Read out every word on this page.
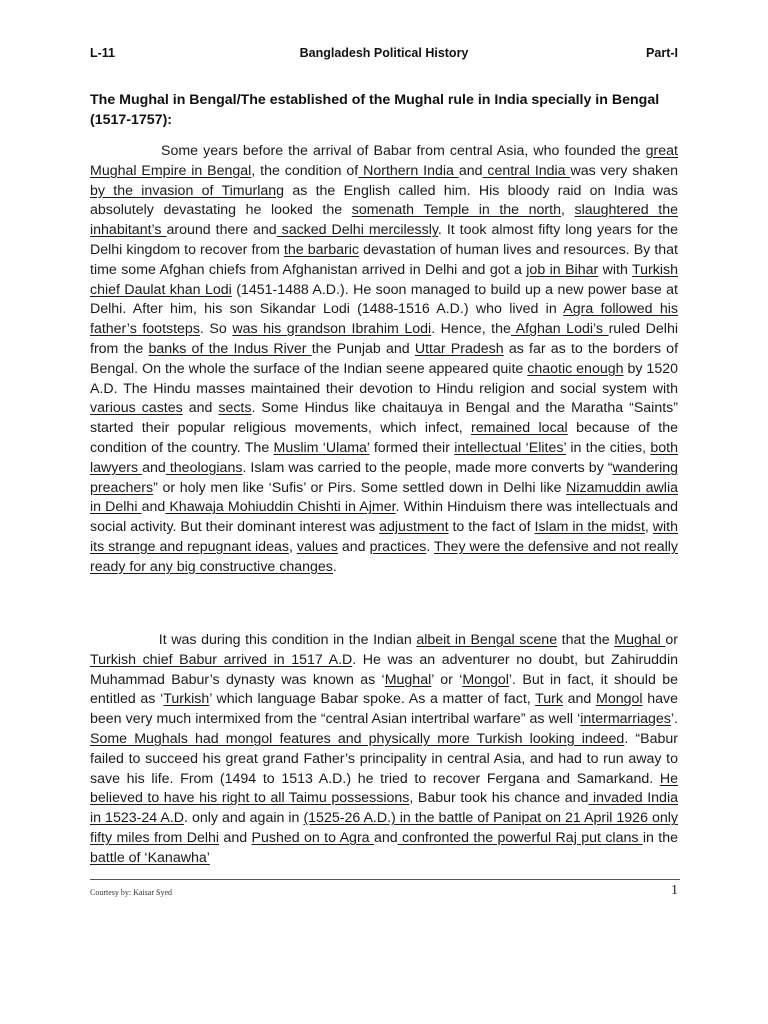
L-11	Bangladesh Political History	Part-I
The Mughal in Bengal/The established of the Mughal rule in India specially in Bengal (1517-1757):
Some years before the arrival of Babar from central Asia, who founded the great Mughal Empire in Bengal, the condition of Northern India and central India was very shaken by the invasion of Timurlang as the English called him. His bloody raid on India was absolutely devastating he looked the somenath Temple in the north, slaughtered the inhabitant’s around there and sacked Delhi mercilessly. It took almost fifty long years for the Delhi kingdom to recover from the barbaric devastation of human lives and resources. By that time some Afghan chiefs from Afghanistan arrived in Delhi and got a job in Bihar with Turkish chief Daulat khan Lodi (1451-1488 A.D.). He soon managed to build up a new power base at Delhi. After him, his son Sikandar Lodi (1488-1516 A.D.) who lived in Agra followed his father’s footsteps. So was his grandson Ibrahim Lodi. Hence, the Afghan Lodi’s ruled Delhi from the banks of the Indus River the Punjab and Uttar Pradesh as far as to the borders of Bengal. On the whole the surface of the Indian seene appeared quite chaotic enough by 1520 A.D. The Hindu masses maintained their devotion to Hindu religion and social system with various castes and sects. Some Hindus like chaitauya in Bengal and the Maratha “Saints” started their popular religious movements, which infect, remained local because of the condition of the country. The Muslim ‘Ulama’ formed their intellectual ‘Elites’ in the cities, both lawyers and theologians. Islam was carried to the people, made more converts by “wandering preachers” or holy men like ‘Sufis’ or Pirs. Some settled down in Delhi like Nizamuddin awlia in Delhi and Khawaja Mohiuddin Chishti in Ajmer. Within Hinduism there was intellectuals and social activity. But their dominant interest was adjustment to the fact of Islam in the midst, with its strange and repugnant ideas, values and practices. They were the defensive and not really ready for any big constructive changes.
It was during this condition in the Indian albeit in Bengal scene that the Mughal or Turkish chief Babur arrived in 1517 A.D. He was an adventurer no doubt, but Zahiruddin Muhammad Babur’s dynasty was known as ‘Mughal’ or ‘Mongol’. But in fact, it should be entitled as ‘Turkish’ which language Babar spoke. As a matter of fact, Turk and Mongol have been very much intermixed from the “central Asian intertribal warfare” as well ‘intermarriages’. Some Mughals had mongol features and physically more Turkish looking indeed. “Babur failed to succeed his great grand Father’s principality in central Asia, and had to run away to save his life. From (1494 to 1513 A.D.) he tried to recover Fergana and Samarkand. He believed to have his right to all Taimu possessions, Babur took his chance and invaded India in 1523-24 A.D. only and again in (1525-26 A.D.) in the battle of Panipat on 21 April 1926 only fifty miles from Delhi and Pushed on to Agra and confronted the powerful Raj put clans in the battle of ‘Kanawha’
Courtesy by: Kaisar Syed	1
